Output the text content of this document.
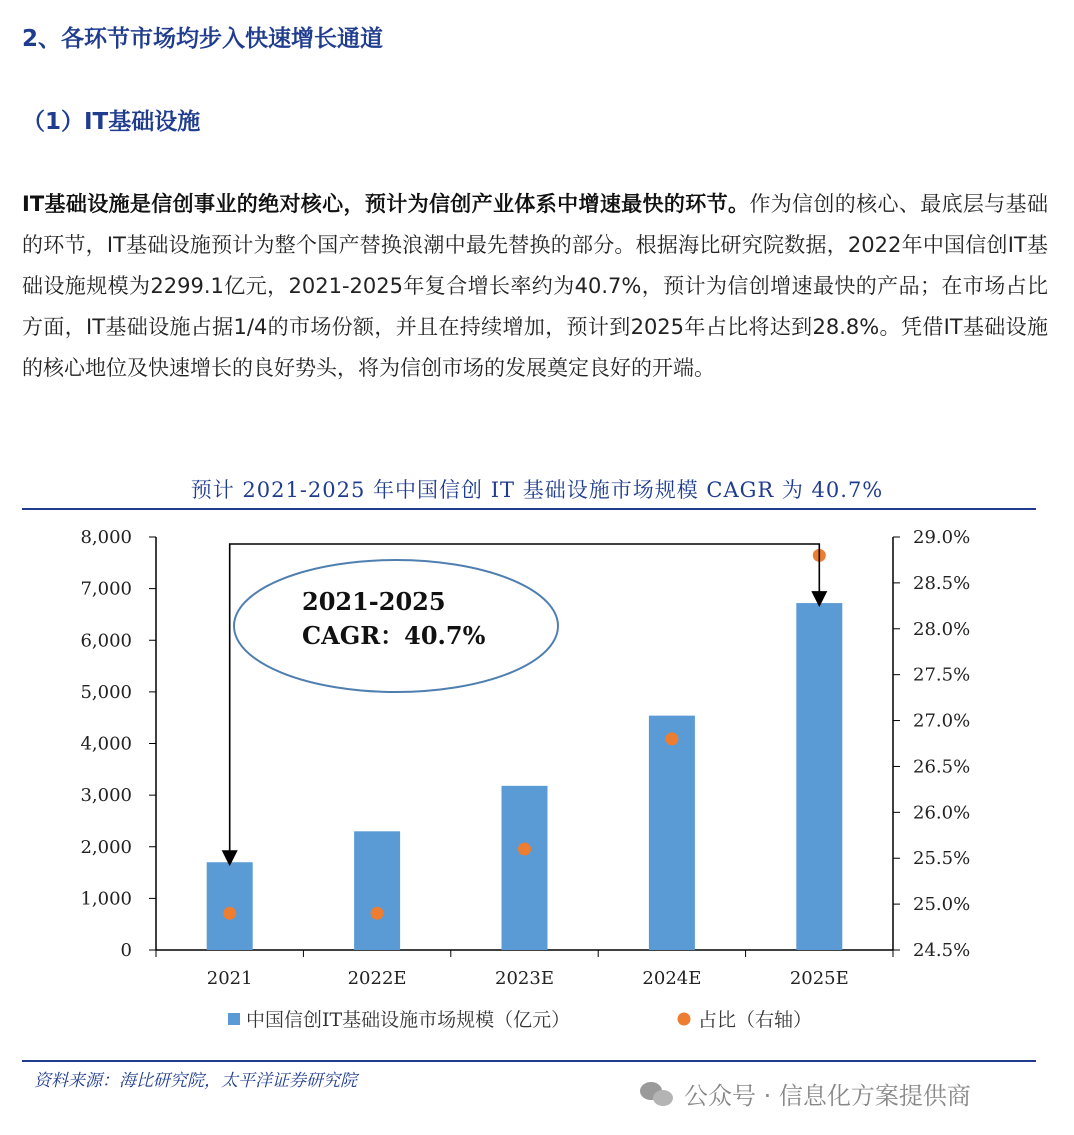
2、各环节市场均步入快速增长通道
（1）IT基础设施
IT基础设施是信创事业的绝对核心，预计为信创产业体系中增速最快的环节。作为信创的核心、最底层与基础的环节，IT基础设施预计为整个国产替换浪潮中最先替换的部分。根据海比研究院数据，2022年中国信创IT基础设施规模为2299.1亿元，2021-2025年复合增长率约为40.7%，预计为信创增速最快的产品；在市场占比方面，IT基础设施占据1/4的市场份额，并且在持续增加，预计到2025年占比将达到28.8%。凭借IT基础设施的核心地位及快速增长的良好势头，将为信创市场的发展奠定良好的开端。
预计 2021-2025 年中国信创 IT 基础设施市场规模 CAGR 为 40.7%
8,000
7,000
6,000
5,000
4,000
3,000
2,000
1,000
0
29.0%
28.5%
28.0%
27.5%
27.0%
26.5%
26.0%
25.5%
25.0%
24.5%
2021	2022E	2023E	2024E	2025E
2021-2025
CAGR：40.7%
中国信创IT基础设施市场规模（亿元）	占比（右轴）
资料来源：海比研究院，太平洋证券研究院
公众号 · 信息化方案提供商
